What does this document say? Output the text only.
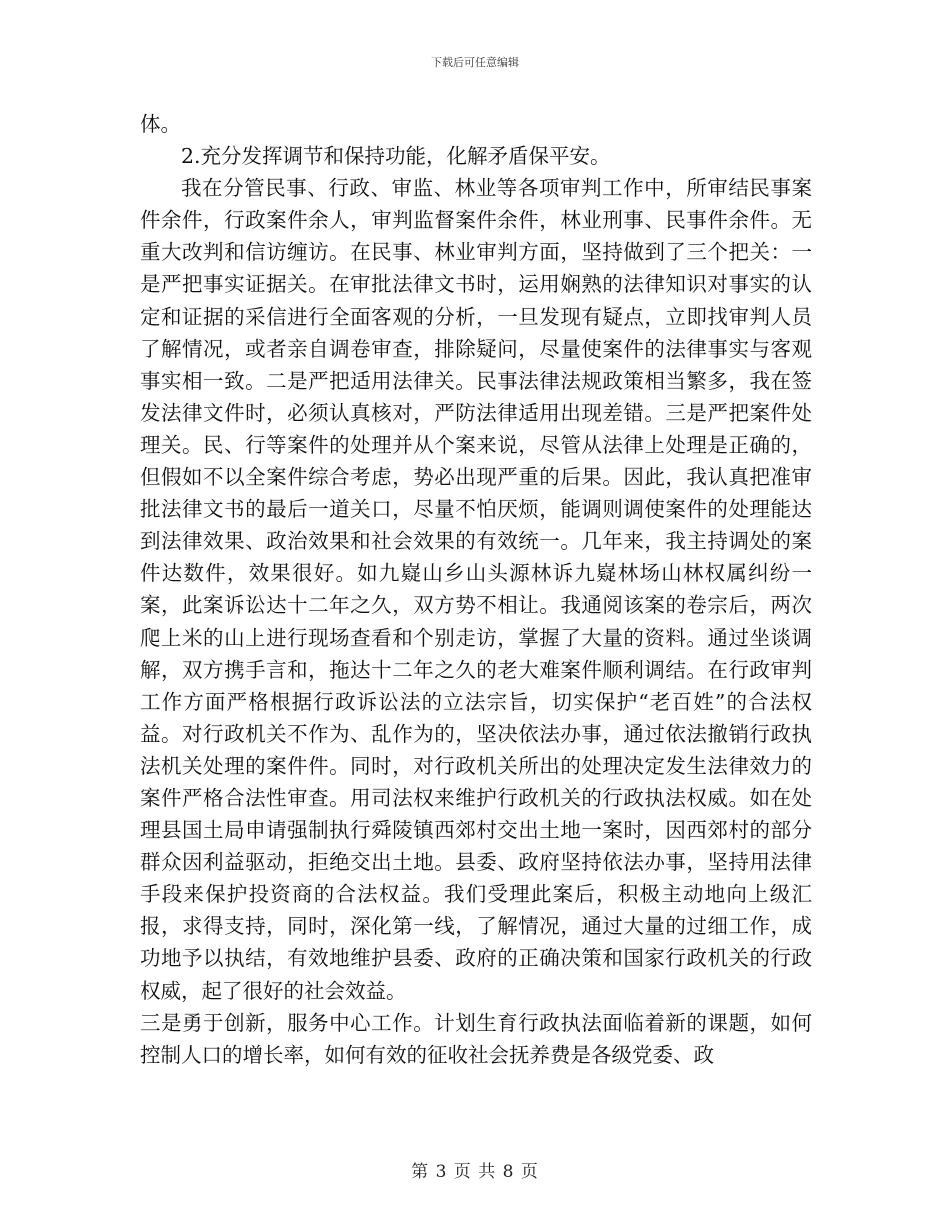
下载后可任意编辑

体。

2.充分发挥调节和保持功能，化解矛盾保平安。

我在分管民事、行政、审监、林业等各项审判工作中，所审结民事案件余件，行政案件余人，审判监督案件余件，林业刑事、民事件余件。无重大改判和信访缠访。在民事、林业审判方面，坚持做到了三个把关：一是严把事实证据关。在审批法律文书时，运用娴熟的法律知识对事实的认定和证据的采信进行全面客观的分析，一旦发现有疑点，立即找审判人员了解情况，或者亲自调卷审查，排除疑问，尽量使案件的法律事实与客观事实相一致。二是严把适用法律关。民事法律法规政策相当繁多，我在签发法律文件时，必须认真核对，严防法律适用出现差错。三是严把案件处理关。民、行等案件的处理并从个案来说，尽管从法律上处理是正确的，但假如不以全案件综合考虑，势必出现严重的后果。因此，我认真把准审批法律文书的最后一道关口，尽量不怕厌烦，能调则调使案件的处理能达到法律效果、政治效果和社会效果的有效统一。几年来，我主持调处的案件达数件，效果很好。如九嶷山乡山头源林诉九嶷林场山林权属纠纷一案，此案诉讼达十二年之久，双方势不相让。我通阅该案的卷宗后，两次爬上米的山上进行现场查看和个别走访，掌握了大量的资料。通过坐谈调解，双方携手言和，拖达十二年之久的老大难案件顺利调结。在行政审判工作方面严格根据行政诉讼法的立法宗旨，切实保护“老百姓”的合法权益。对行政机关不作为、乱作为的，坚决依法办事，通过依法撤销行政执法机关处理的案件件。同时，对行政机关所出的处理决定发生法律效力的案件严格合法性审查。用司法权来维护行政机关的行政执法权威。如在处理县国土局申请强制执行舜陵镇西郊村交出土地一案时，因西郊村的部分群众因利益驱动，拒绝交出土地。县委、政府坚持依法办事，坚持用法律手段来保护投资商的合法权益。我们受理此案后，积极主动地向上级汇报，求得支持，同时，深化第一线，了解情况，通过大量的过细工作，成功地予以执结，有效地维护县委、政府的正确决策和国家行政机关的行政权威，起了很好的社会效益。

三是勇于创新，服务中心工作。计划生育行政执法面临着新的课题，如何控制人口的增长率，如何有效的征收社会抚养费是各级党委、政

第 3 页 共 8 页
